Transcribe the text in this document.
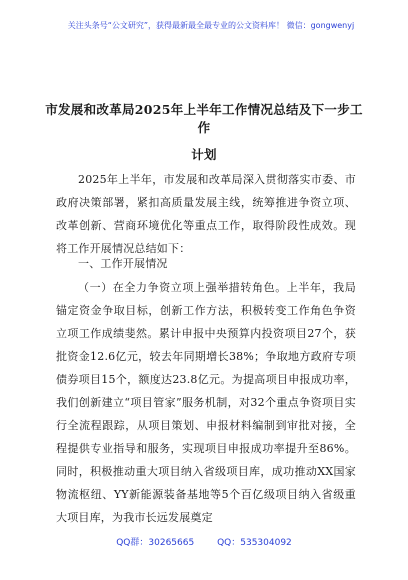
关注头条号“公文研究”，获得最新最全最专业的公文资料库！ 微信：gongwenyj
市发展和改革局2025年上半年工作情况总结及下一步工作
计划
2025年上半年，市发展和改革局深入贯彻落实市委、市政府决策部署，紧扣高质量发展主线，统筹推进争资立项、改革创新、营商环境优化等重点工作，取得阶段性成效。现将工作开展情况总结如下：
一、工作开展情况
（一）在全力争资立项上强举措转角色。上半年，我局锚定资金争取目标，创新工作方法，积极转变工作角色争资立项工作成绩斐然。累计申报中央预算内投资项目27个，获批资金12.6亿元，较去年同期增长38%；争取地方政府专项债券项目15个，额度达23.8亿元。为提高项目申报成功率，我们创新建立“项目管家”服务机制，对32个重点争资项目实行全流程跟踪，从项目策划、申报材料编制到审批对接，全程提供专业指导和服务，实现项目申报成功率提升至86%。同时，积极推动重大项目纳入省级项目库，成功推动XX国家物流枢纽、YY新能源装备基地等5个百亿级项目纳入省级重大项目库，为我市长远发展奠定
QQ群：30265665	QQ：535304092
